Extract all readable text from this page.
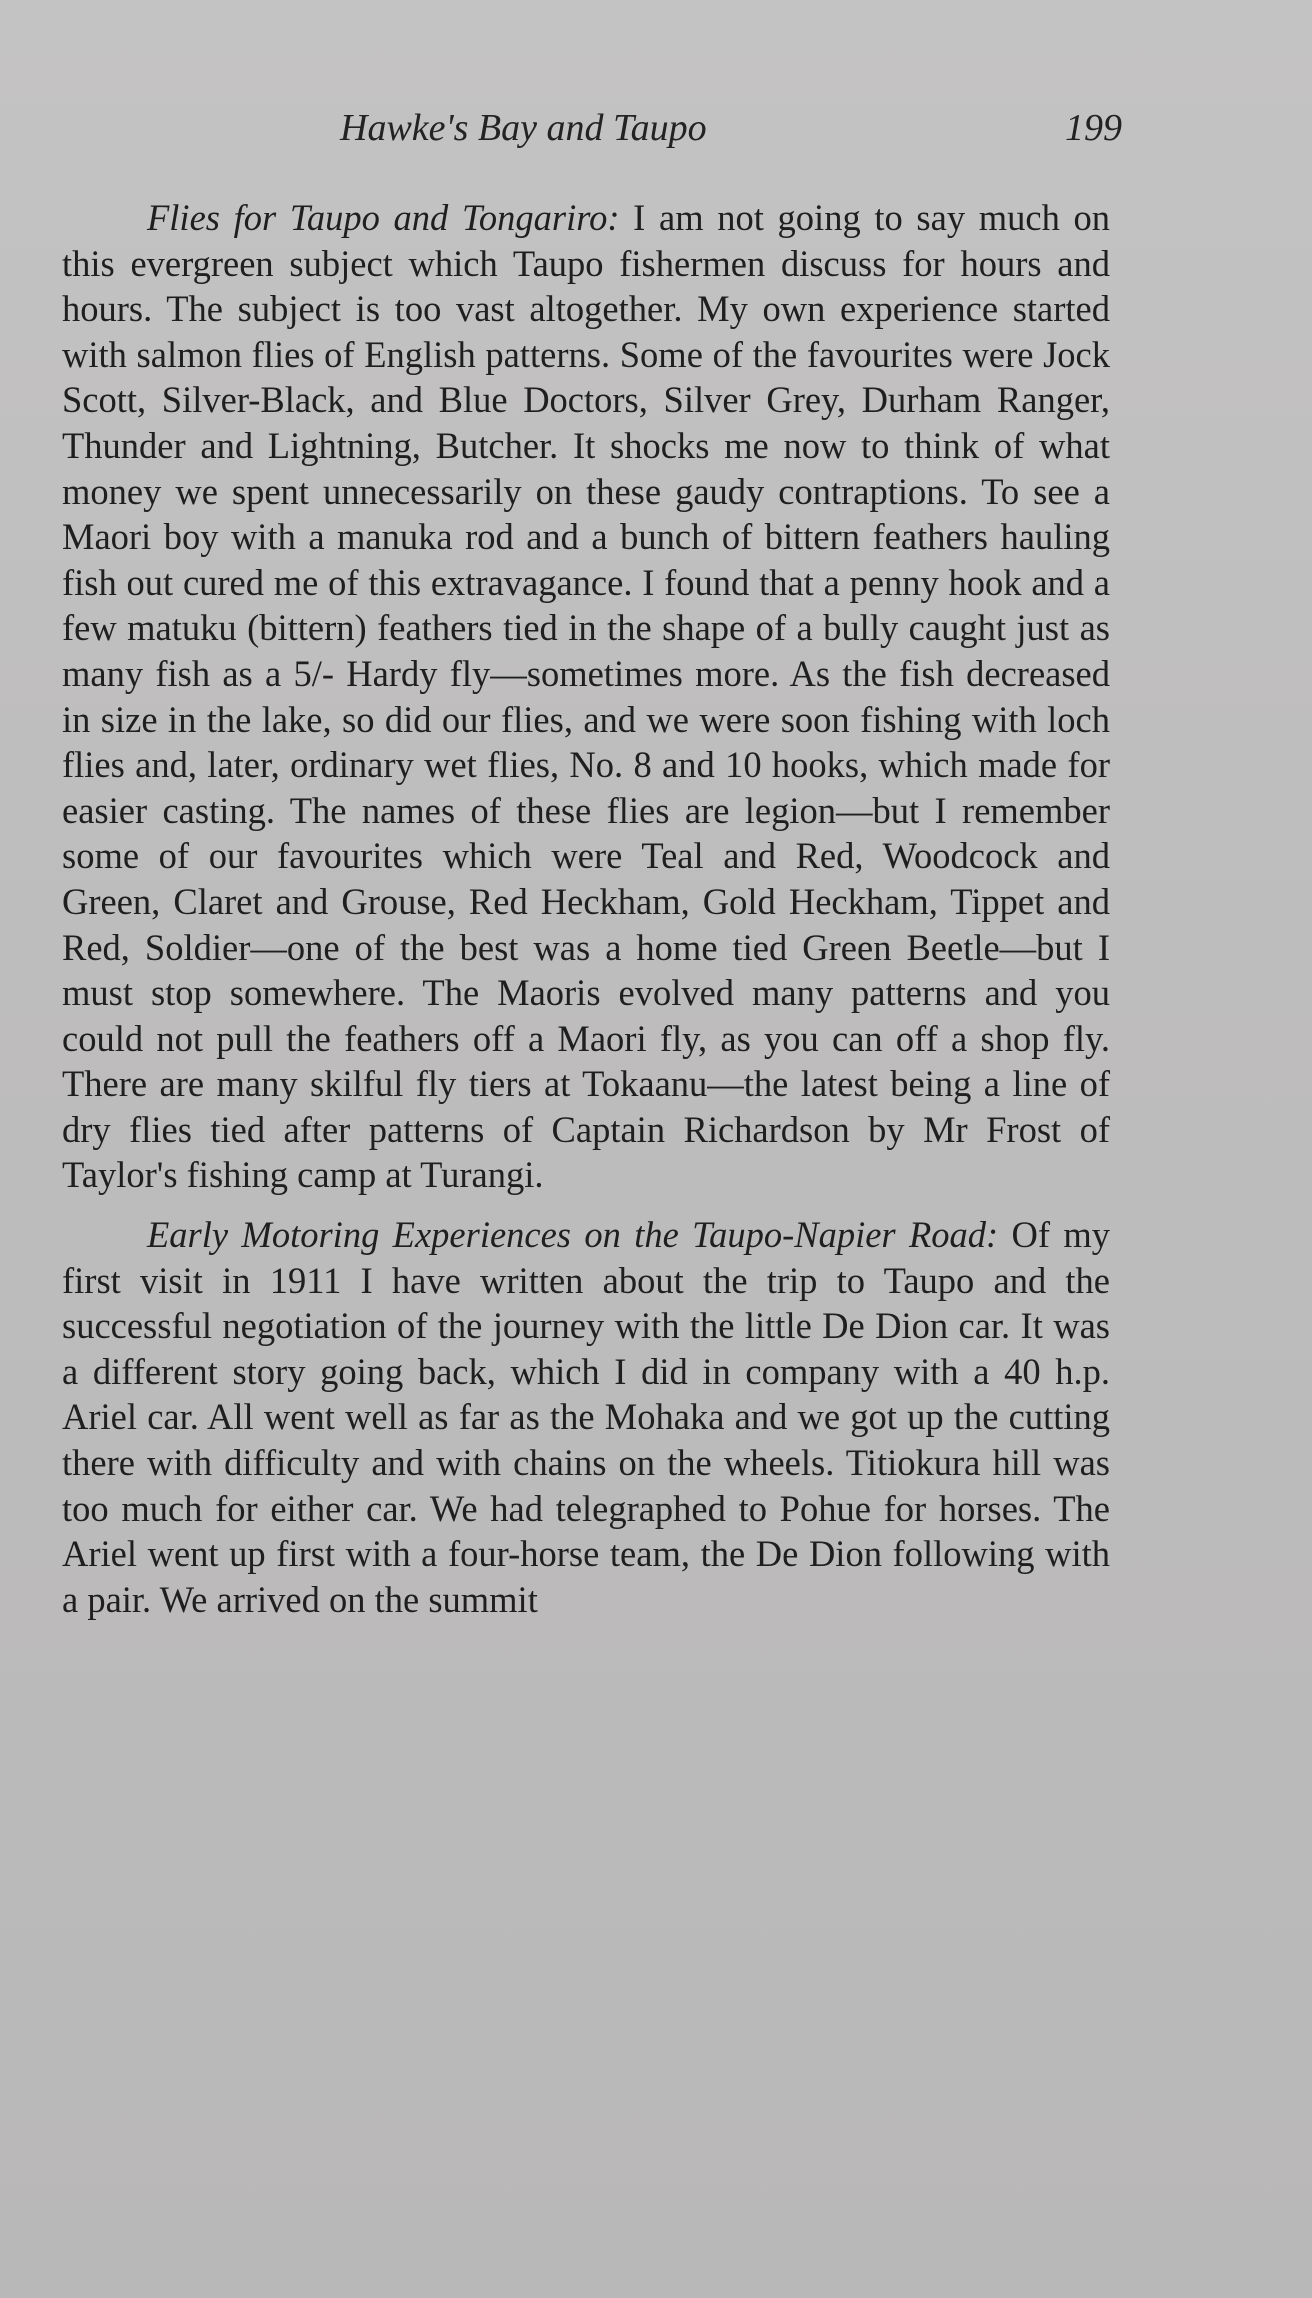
Hawke's Bay and Taupo	199

Flies for Taupo and Tongariro: I am not going to say much on this evergreen subject which Taupo fishermen discuss for hours and hours. The subject is too vast altogether. My own experience started with salmon flies of English patterns. Some of the favourites were Jock Scott, Silver-Black, and Blue Doctors, Silver Grey, Durham Ranger, Thunder and Lightning, Butcher. It shocks me now to think of what money we spent unnecessarily on these gaudy contraptions. To see a Maori boy with a manuka rod and a bunch of bittern feathers hauling fish out cured me of this extravagance. I found that a penny hook and a few matuku (bittern) feathers tied in the shape of a bully caught just as many fish as a 5/- Hardy fly—sometimes more. As the fish decreased in size in the lake, so did our flies, and we were soon fishing with loch flies and, later, ordinary wet flies, No. 8 and 10 hooks, which made for easier casting. The names of these flies are legion—but I remember some of our favourites which were Teal and Red, Woodcock and Green, Claret and Grouse, Red Heckham, Gold Heckham, Tippet and Red, Soldier—one of the best was a home tied Green Beetle—but I must stop somewhere. The Maoris evolved many patterns and you could not pull the feathers off a Maori fly, as you can off a shop fly. There are many skilful fly tiers at Tokaanu—the latest being a line of dry flies tied after patterns of Captain Richardson by Mr Frost of Taylor's fishing camp at Turangi.

Early Motoring Experiences on the Taupo-Napier Road: Of my first visit in 1911 I have written about the trip to Taupo and the successful negotiation of the journey with the little De Dion car. It was a different story going back, which I did in company with a 40 h.p. Ariel car. All went well as far as the Mohaka and we got up the cutting there with difficulty and with chains on the wheels. Titiokura hill was too much for either car. We had telegraphed to Pohue for horses. The Ariel went up first with a four-horse team, the De Dion following with a pair. We arrived on the summit
